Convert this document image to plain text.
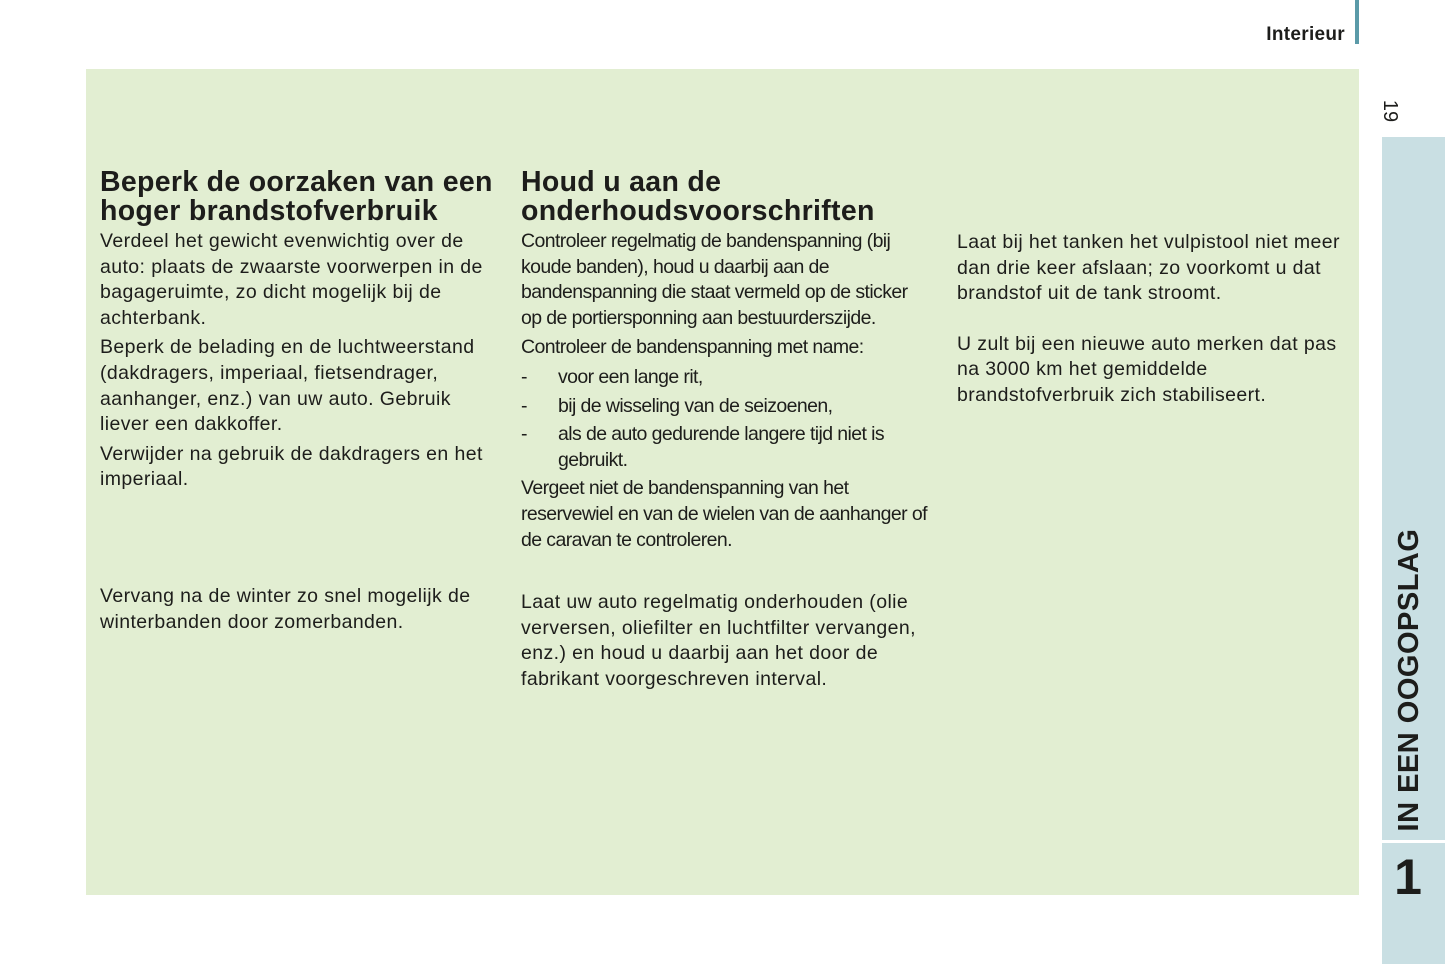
Interieur
19
Beperk de oorzaken van een hoger brandstofverbruik

Verdeel het gewicht evenwichtig over de auto: plaats de zwaarste voorwerpen in de bagageruimte, zo dicht mogelijk bij de achterbank.

Beperk de belading en de luchtweerstand (dakdragers, imperiaal, fietsendrager, aanhanger, enz.) van uw auto. Gebruik liever een dakkoffer.

Verwijder na gebruik de dakdragers en het imperiaal.

Vervang na de winter zo snel mogelijk de winterbanden door zomerbanden.

Houd u aan de onderhoudsvoorschriften

Controleer regelmatig de bandenspanning (bij koude banden), houd u daarbij aan de bandenspanning die staat vermeld op de sticker op de portiersponning aan bestuurderszijde.

Controleer de bandenspanning met name:

- voor een lange rit,
- bij de wisseling van de seizoenen,
- als de auto gedurende langere tijd niet is gebruikt.

Vergeet niet de bandenspanning van het reservewiel en van de wielen van de aanhanger of de caravan te controleren.

Laat uw auto regelmatig onderhouden (olie verversen, oliefilter en luchtfilter vervangen, enz.) en houd u daarbij aan het door de fabrikant voorgeschreven interval.

Laat bij het tanken het vulpistool niet meer dan drie keer afslaan; zo voorkomt u dat brandstof uit de tank stroomt.

U zult bij een nieuwe auto merken dat pas na 3000 km het gemiddelde brandstofverbruik zich stabiliseert.

IN EEN OOGOPSLAG
1
